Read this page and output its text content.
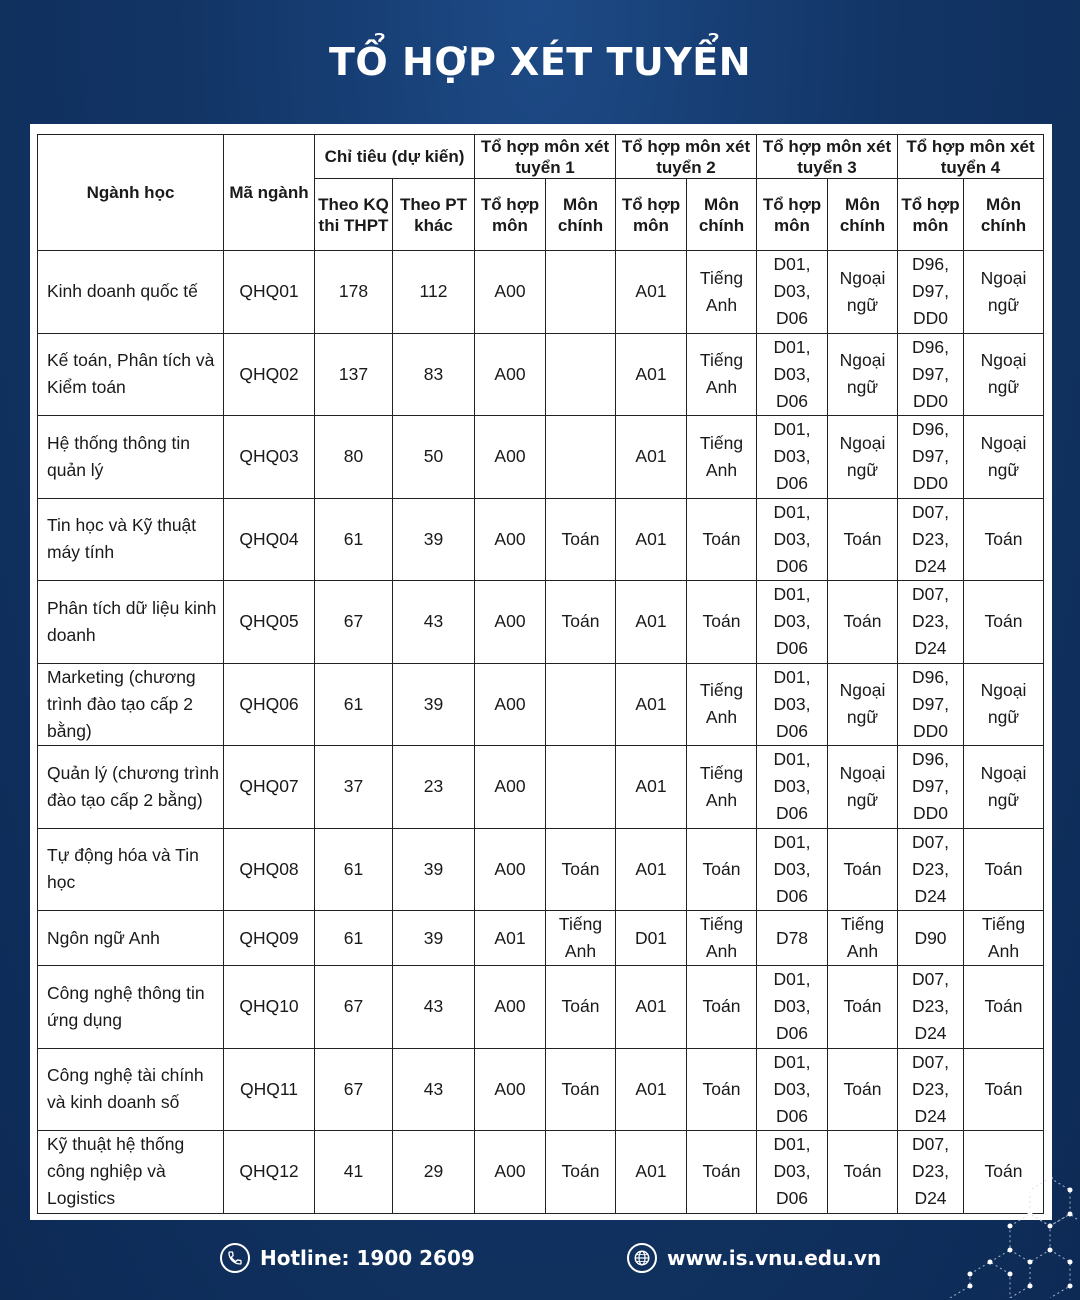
TỔ HỢP XÉT TUYỂN
Ngành học	Mã ngành	Chỉ tiêu (dự kiến)		Tổ hợp môn xét tuyển 1		Tổ hợp môn xét tuyển 2		Tổ hợp môn xét tuyển 3		Tổ hợp môn xét tuyển 4	
		Theo KQ thi THPT	Theo PT khác	Tổ hợp môn	Môn chính	Tổ hợp môn	Môn chính	Tổ hợp môn	Môn chính	Tổ hợp môn	Môn chính
Kinh doanh quốc tế	QHQ01	178	112	A00		A01	Tiếng Anh	D01, D03, D06	Ngoại ngữ	D96, D97, DD0	Ngoại ngữ
Kế toán, Phân tích và Kiểm toán	QHQ02	137	83	A00		A01	Tiếng Anh	D01, D03, D06	Ngoại ngữ	D96, D97, DD0	Ngoại ngữ
Hệ thống thông tin quản lý	QHQ03	80	50	A00		A01	Tiếng Anh	D01, D03, D06	Ngoại ngữ	D96, D97, DD0	Ngoại ngữ
Tin học và Kỹ thuật máy tính	QHQ04	61	39	A00	Toán	A01	Toán	D01, D03, D06	Toán	D07, D23, D24	Toán
Phân tích dữ liệu kinh doanh	QHQ05	67	43	A00	Toán	A01	Toán	D01, D03, D06	Toán	D07, D23, D24	Toán
Marketing (chương trình đào tạo cấp 2 bằng)	QHQ06	61	39	A00		A01	Tiếng Anh	D01, D03, D06	Ngoại ngữ	D96, D97, DD0	Ngoại ngữ
Quản lý (chương trình đào tạo cấp 2 bằng)	QHQ07	37	23	A00		A01	Tiếng Anh	D01, D03, D06	Ngoại ngữ	D96, D97, DD0	Ngoại ngữ
Tự động hóa và Tin học	QHQ08	61	39	A00	Toán	A01	Toán	D01, D03, D06	Toán	D07, D23, D24	Toán
Ngôn ngữ Anh	QHQ09	61	39	A01	Tiếng Anh	D01	Tiếng Anh	D78	Tiếng Anh	D90	Tiếng Anh
Công nghệ thông tin ứng dụng	QHQ10	67	43	A00	Toán	A01	Toán	D01, D03, D06	Toán	D07, D23, D24	Toán
Công nghệ tài chính và kinh doanh số	QHQ11	67	43	A00	Toán	A01	Toán	D01, D03, D06	Toán	D07, D23, D24	Toán
Kỹ thuật hệ thống công nghiệp và Logistics	QHQ12	41	29	A00	Toán	A01	Toán	D01, D03, D06	Toán	D07, D23, D24	Toán
Hotline: 1900 2609	www.is.vnu.edu.vn
